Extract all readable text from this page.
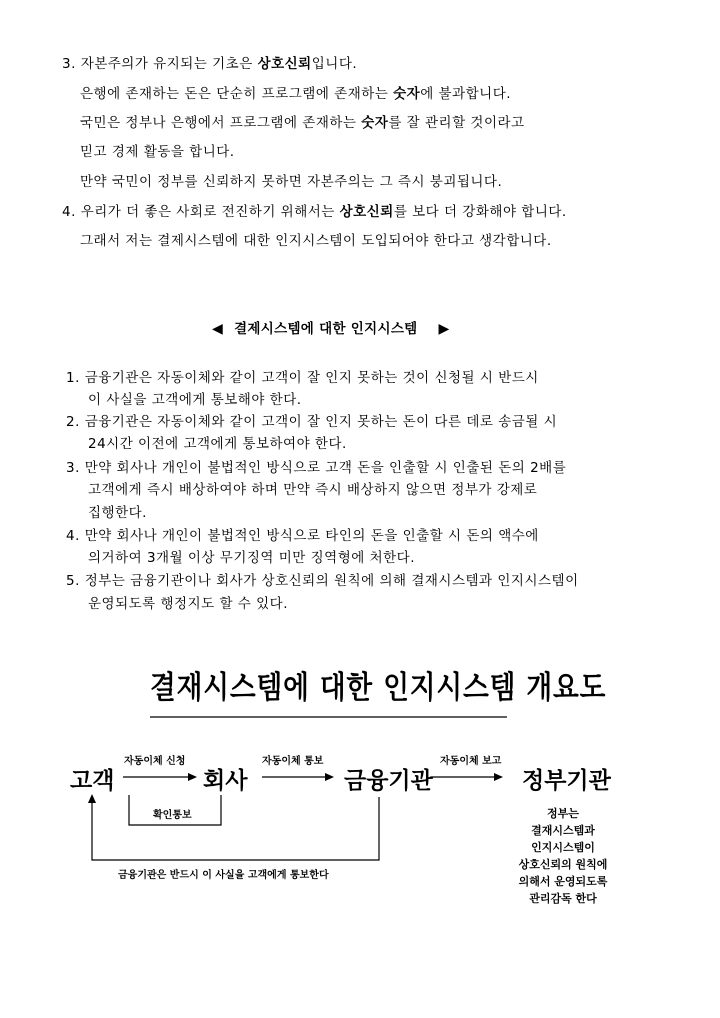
3. 자본주의가 유지되는 기초은 상호신뢰입니다.
은행에 존재하는 돈은 단순히 프로그램에 존재하는 숫자에 불과합니다.
국민은 정부나 은행에서 프로그램에 존재하는 숫자를 잘 관리할 것이라고
믿고 경제 활동을 합니다.
만약 국민이 정부를 신뢰하지 못하면 자본주의는 그 즉시 붕괴됩니다.
4. 우리가 더 좋은 사회로 전진하기 위해서는 상호신뢰를 보다 더 강화해야 합니다.
그래서 저는 결제시스템에 대한 인지시스템이 도입되어야 한다고 생각합니다.
◀ 결제시스템에 대한 인지시스템 ▶
1. 금융기관은 자동이체와 같이 고객이 잘 인지 못하는 것이 신청될 시 반드시
이 사실을 고객에게 통보해야 한다.
2. 금융기관은 자동이체와 같이 고객이 잘 인지 못하는 돈이 다른 데로 송금될 시
24시간 이전에 고객에게 통보하여야 한다.
3. 만약 회사나 개인이 불법적인 방식으로 고객 돈을 인출할 시 인출된 돈의 2배를
고객에게 즉시 배상하여야 하며 만약 즉시 배상하지 않으면 정부가 강제로
집행한다.
4. 만약 회사나 개인이 불법적인 방식으로 타인의 돈을 인출할 시 돈의 액수에
의거하여 3개월 이상 무기징역 미만 징역형에 처한다.
5. 정부는 금융기관이나 회사가 상호신뢰의 원칙에 의해 결재시스템과 인지시스템이
운영되도록 행정지도 할 수 있다.
결재시스템에 대한 인지시스템 개요도
고객	회사	금융기관	정부기관
자동이체 신청	자동이체 통보	자동이체 보고
확인통보
금융기관은 반드시 이 사실을 고객에게 통보한다
정부는
결재시스템과
인지시스템이
상호신뢰의 원칙에
의해서 운영되도록
관리감독 한다
